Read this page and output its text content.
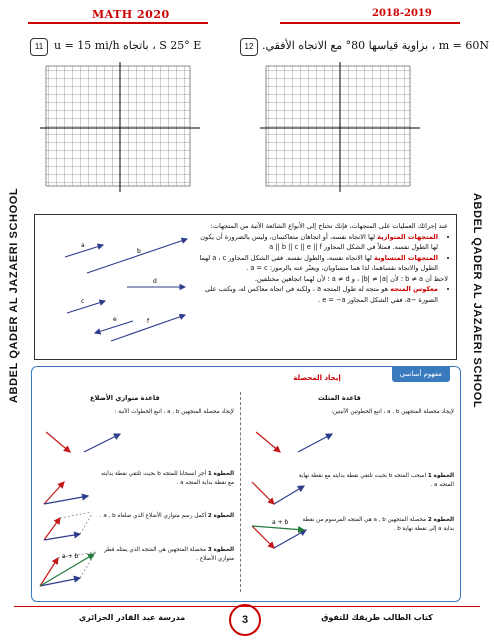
MATH 2020	2018-2019
11 S 25° E ، باتجاه u = 15 mi/h	12 m = 60N ، بزاوية قياسها 80° مع الاتجاه الأفقي.
ABDEL QADER AL JAZAERI SCHOOL	ABDEL QADER AL JAZAERI SCHOOL
a
b
c
d
e	f
عند إجرائك العمليات على المتجهات، فإنك تحتاج إلى الأنواع الشائعة الآتية من المتجهات:
• المتجهات المتوازية لها الاتجاه نفسه، أو اتجاهان متعاكسان، وليس بالضرورة أن يكون لها الطول نفسه. فمثلاً في الشكل المجاور a || b || c || e || f
• المتجهات المتساوية لها الاتجاه نفسه، والطول نفسه. ففي الشكل المجاور a ، c لهما الطول والاتجاه نفساهما، لذا هما متساويان، ويعبّر عنه بالرموز: a = c .
لاحظ أن b ≠ a ؛ لأن |b| ≠ |a| ، و a ≠ d ؛ لأن لهما اتجاهين مختلفين.
• معكوس المتجه هو متجه له طول المتجه a ، ولكنه في اتجاه معاكس له، ويكتب على الصورة −a، ففي الشكل المجاور e = −a .
مفهوم أساسي
إيجاد المحصلة
قاعدة المثلث
لإيجاد محصلة المتجهين a , b ، اتبع الخطوتين الآتيتين:
الخطوة 1 اسحب المتجه b بحيث تلتقي نقطة بدايته مع نقطة نهاية المتجه a .
الخطوة 2 محصلة المتجهين a , b هي المتجه المرسوم من نقطة بداية a إلى نقطة نهاية b .
a + b
قاعدة متوازي الأضلاع
لإيجاد محصلة المتجهين a , b ، اتبع الخطوات الآتية :
الخطوة 1 أجر انسحابا للمتجه b بحيث تلتقي نقطة بدايته مع نقطة بداية المتجه a .
الخطوة 2 أكمل رسم متوازي الأضلاع الذي ضلعاه a , b .
الخطوة 3 محصلة المتجهين هي المتجه الذي يمثله قطر متوازي الأضلاع .
a + b
مدرسة عبد القادر الجزائري	3	كتاب الطالب طريقك للتفوق
